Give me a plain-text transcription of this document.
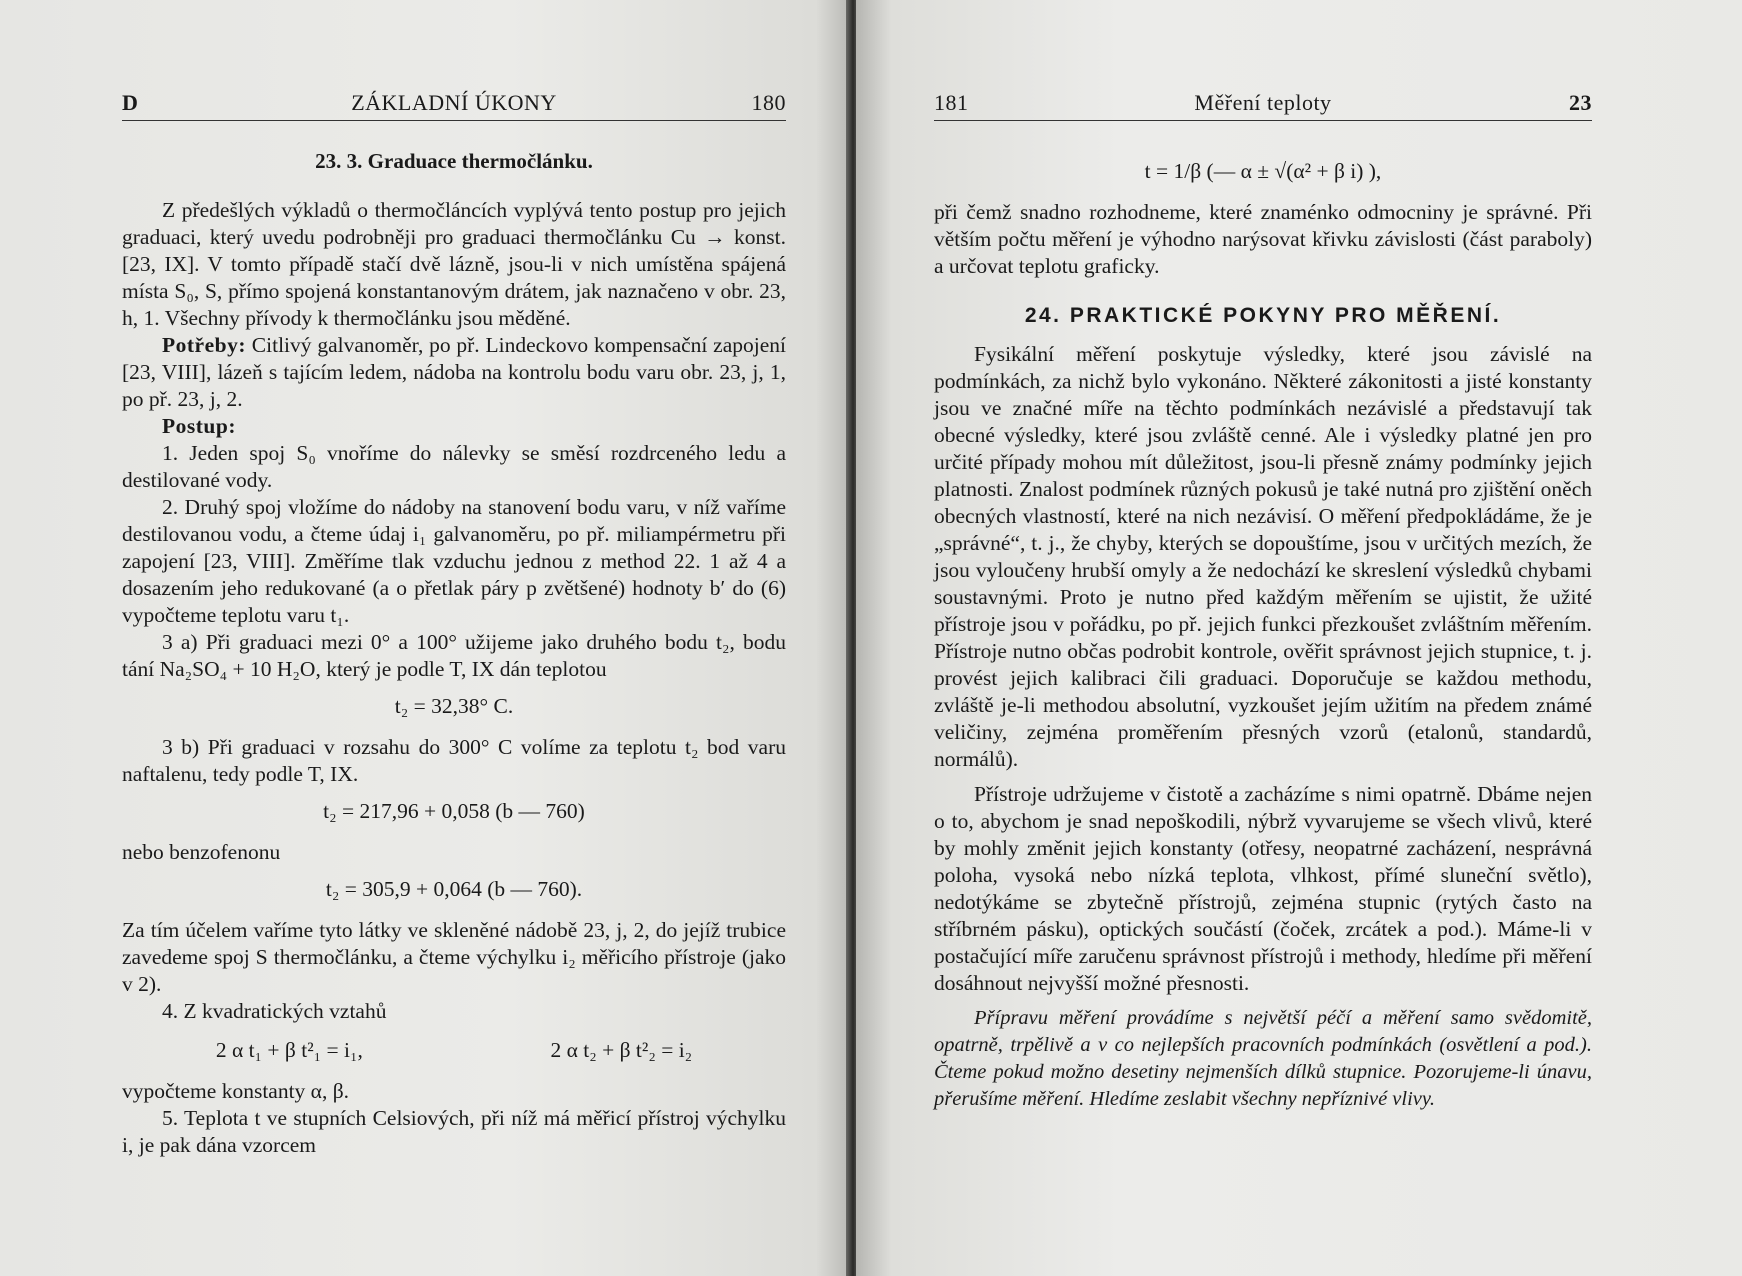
D	ZÁKLADNÍ ÚKONY	180
23. 3. Graduace thermočlánku.

Z předešlých výkladů o thermočláncích vyplývá tento postup pro jejich graduaci, který uvedu podrobněji pro graduaci thermočlánku Cu → konst. [23, IX]. V tomto případě stačí dvě lázně, jsou-li v nich umístěna spájená místa S₀, S, přímo spojená konstantanovým drátem, jak naznačeno v obr. 23, h, 1. Všechny přívody k thermočlánku jsou měděné.

Potřeby: Citlivý galvanoměr, po př. Lindeckovo kompensační zapojení [23, VIII], lázeň s tajícím ledem, nádoba na kontrolu bodu varu obr. 23, j, 1, po př. 23, j, 2.

Postup:

1. Jeden spoj S₀ vnoříme do nálevky se směsí rozdrceného ledu a destilované vody.

2. Druhý spoj vložíme do nádoby na stanovení bodu varu, v níž vaříme destilovanou vodu, a čteme údaj i₁ galvanoměru, po př. miliampérmetru při zapojení [23, VIII]. Změříme tlak vzduchu jednou z method 22. 1 až 4 a dosazením jeho redukované (a o přetlak páry p zvětšené) hodnoty b′ do (6) vypočteme teplotu varu t₁.

3 a) Při graduaci mezi 0° a 100° užijeme jako druhého bodu t₂, bodu tání Na₂SO₄ + 10 H₂O, který je podle T, IX dán teplotou

t₂ = 32,38° C.

3 b) Při graduaci v rozsahu do 300° C volíme za teplotu t₂ bod varu naftalenu, tedy podle T, IX.

t₂ = 217,96 + 0,058 (b — 760)

nebo benzofenonu

t₂ = 305,9 + 0,064 (b — 760).

Za tím účelem vaříme tyto látky ve skleněné nádobě 23, j, 2, do jejíž trubice zavedeme spoj S thermočlánku, a čteme výchylku i₂ měřicího přístroje (jako v 2).

4. Z kvadratických vztahů

2 α t₁ + β t²₁ = i₁,	2 α t₂ + β t²₂ = i₂

vypočteme konstanty α, β.

5. Teplota t ve stupních Celsiových, při níž má měřicí přístroj výchylku i, je pak dána vzorcem

181	Měření teploty	23
t = 1/β (— α ± √(α² + β i) ),

při čemž snadno rozhodneme, které znaménko odmocniny je správné. Při větším počtu měření je výhodno narýsovat křivku závislosti (část paraboly) a určovat teplotu graficky.

24. PRAKTICKÉ POKYNY PRO MĚŘENÍ.

Fysikální měření poskytuje výsledky, které jsou závislé na podmínkách, za nichž bylo vykonáno. Některé zákonitosti a jisté konstanty jsou ve značné míře na těchto podmínkách nezávislé a představují tak obecné výsledky, které jsou zvláště cenné. Ale i výsledky platné jen pro určité případy mohou mít důležitost, jsou-li přesně známy podmínky jejich platnosti. Znalost podmínek různých pokusů je také nutná pro zjištění oněch obecných vlastností, které na nich nezávisí. O měření předpokládáme, že je „správné“, t. j., že chyby, kterých se dopouštíme, jsou v určitých mezích, že jsou vyloučeny hrubší omyly a že nedochází ke skreslení výsledků chybami soustavnými. Proto je nutno před každým měřením se ujistit, že užité přístroje jsou v pořádku, po př. jejich funkci přezkoušet zvláštním měřením. Přístroje nutno občas podrobit kontrole, ověřit správnost jejich stupnice, t. j. provést jejich kalibraci čili graduaci. Doporučuje se každou methodu, zvláště je-li methodou absolutní, vyzkoušet jejím užitím na předem známé veličiny, zejména proměřením přesných vzorů (etalonů, standardů, normálů).

Přístroje udržujeme v čistotě a zacházíme s nimi opatrně. Dbáme nejen o to, abychom je snad nepoškodili, nýbrž vyvarujeme se všech vlivů, které by mohly změnit jejich konstanty (otřesy, neopatrné zacházení, nesprávná poloha, vysoká nebo nízká teplota, vlhkost, přímé sluneční světlo), nedotýkáme se zbytečně přístrojů, zejména stupnic (rytých často na stříbrném pásku), optických součástí (čoček, zrcátek a pod.). Máme-li v postačující míře zaručenu správnost přístrojů i methody, hledíme při měření dosáhnout nejvyšší možné přesnosti.

Přípravu měření provádíme s největší péčí a měření samo svědomitě, opatrně, trpělivě a v co nejlepších pracovních podmínkách (osvětlení a pod.). Čteme pokud možno desetiny nejmenších dílků stupnice. Pozorujeme-li únavu, přerušíme měření. Hledíme zeslabit všechny nepříznivé vlivy.
